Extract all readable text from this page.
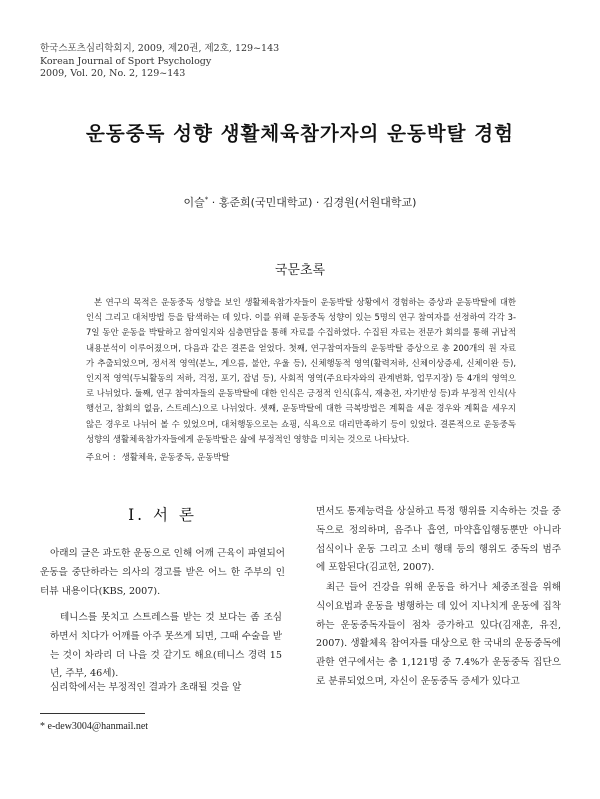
한국스포츠심리학회지, 2009, 제20권, 제2호, 129~143
Korean Journal of Sport Psychology
2009, Vol. 20, No. 2, 129~143
운동중독 성향 생활체육참가자의 운동박탈 경험
이슬* · 홍준희(국민대학교) · 김경원(서원대학교)
국문초록

본 연구의 목적은 운동중독 성향을 보인 생활체육참가자들이 운동박탈 상황에서 경험하는 증상과 운동박탈에 대한 인식 그리고 대처방법 등을 탐색하는 데 있다. 이를 위해 운동중독 성향이 있는 5명의 연구 참여자를 선정하여 각각 3-7일 동안 운동을 박탈하고 참여일지와 심층면담을 통해 자료를 수집하였다. 수집된 자료는 전문가 회의를 통해 귀납적 내용분석이 이루어졌으며, 다음과 같은 결론을 얻었다. 첫째, 연구참여자들의 운동박탈 증상으로 총 200개의 원 자료가 추출되었으며, 정서적 영역(분노, 게으름, 불안, 우울 등), 신체행동적 영역(활력저하, 신체이상증세, 신체이완 등), 인지적 영역(두뇌활동의 저하, 걱정, 포기, 잡념 등), 사회적 영역(주요타자와의 관계변화, 업무지장) 등 4개의 영역으로 나뉘었다. 둘째, 연구 참여자들의 운동박탈에 대한 인식은 긍정적 인식(휴식, 재충전, 자기반성 등)과 부정적 인식(사행선고, 참회의 없음, 스트레스)으로 나뉘었다. 셋째, 운동박탈에 대한 극복방법은 계획을 세운 경우와 계획을 세우지 않은 경우로 나뉘어 볼 수 있었으며, 대처행동으로는 쇼핑, 식욕으로 대리만족하기 등이 있었다. 결론적으로 운동중독 성향의 생활체육참가자들에게 운동박탈은 삶에 부정적인 영향을 미치는 것으로 나타났다.

주요어 : 생활체육, 운동중독, 운동박탈
Ⅰ. 서 론

아래의 글은 과도한 운동으로 인해 어깨 근육이 파열되어 운동을 중단하라는 의사의 경고를 받은 어느 한 주부의 인터뷰 내용이다(KBS, 2007).

테니스를 못치고 스트레스를 받는 것 보다는 좀 조심하면서 치다가 어깨를 아주 못쓰게 되면, 그때 수술을 받는 것이 차라리 더 나을 것 같기도 해요(테니스 경력 15년, 주부, 46세).

심리학에서는 부정적인 결과가 초래될 것을 알

면서도 통제능력을 상실하고 특정 행위를 지속하는 것을 중독으로 정의하며, 음주나 흡연, 마약흡입행동뿐만 아니라 섭식이나 운동 그리고 소비 행태 등의 행위도 중독의 범주에 포함된다(김교헌, 2007).

최근 들어 건강을 위해 운동을 하거나 체중조절을 위해 식이요법과 운동을 병행하는 데 있어 지나치게 운동에 집착하는 운동중독자들이 점차 증가하고 있다(김재훈, 유진, 2007). 생활체육 참여자를 대상으로 한 국내의 운동중독에 관한 연구에서는 총 1,121명 중 7.4%가 운동중독 집단으로 분류되었으며, 자신이 운동중독 증세가 있다고

* e-dew3004@hanmail.net
